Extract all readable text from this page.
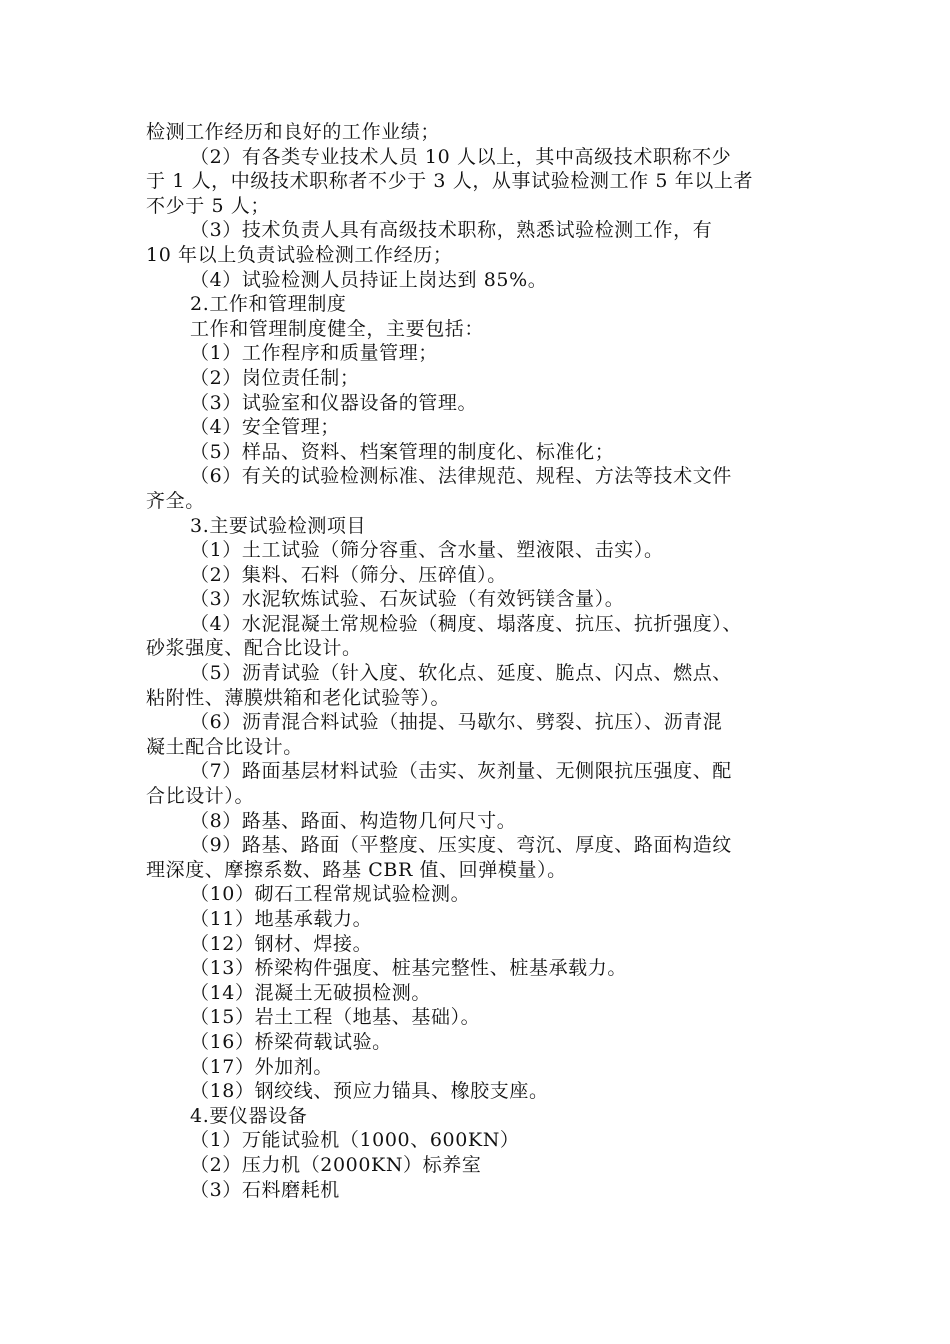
检测工作经历和良好的工作业绩；
（2）有各类专业技术人员 10 人以上，其中高级技术职称不少
于 1 人，中级技术职称者不少于 3 人，从事试验检测工作 5 年以上者
不少于 5 人；
（3）技术负责人具有高级技术职称，熟悉试验检测工作，有
10 年以上负责试验检测工作经历；
（4）试验检测人员持证上岗达到 85%。
2.工作和管理制度
工作和管理制度健全，主要包括：
（1）工作程序和质量管理；
（2）岗位责任制；
（3）试验室和仪器设备的管理。
（4）安全管理；
（5）样品、资料、档案管理的制度化、标准化；
（6）有关的试验检测标准、法律规范、规程、方法等技术文件
齐全。
3.主要试验检测项目
（1）土工试验（筛分容重、含水量、塑液限、击实）。
（2）集料、石料（筛分、压碎值）。
（3）水泥软炼试验、石灰试验（有效钙镁含量）。
（4）水泥混凝土常规检验（稠度、塌落度、抗压、抗折强度）、
砂浆强度、配合比设计。
（5）沥青试验（针入度、软化点、延度、脆点、闪点、燃点、
粘附性、薄膜烘箱和老化试验等）。
（6）沥青混合料试验（抽提、马歇尔、劈裂、抗压）、沥青混
凝土配合比设计。
（7）路面基层材料试验（击实、灰剂量、无侧限抗压强度、配
合比设计）。
（8）路基、路面、构造物几何尺寸。
（9）路基、路面（平整度、压实度、弯沉、厚度、路面构造纹
理深度、摩擦系数、路基 CBR 值、回弹模量）。
（10）砌石工程常规试验检测。
（11）地基承载力。
（12）钢材、焊接。
（13）桥梁构件强度、桩基完整性、桩基承载力。
（14）混凝土无破损检测。
（15）岩土工程（地基、基础）。
（16）桥梁荷载试验。
（17）外加剂。
（18）钢绞线、预应力锚具、橡胶支座。
4.要仪器设备
（1）万能试验机（1000、600KN）
（2）压力机（2000KN）标养室
（3）石料磨耗机
